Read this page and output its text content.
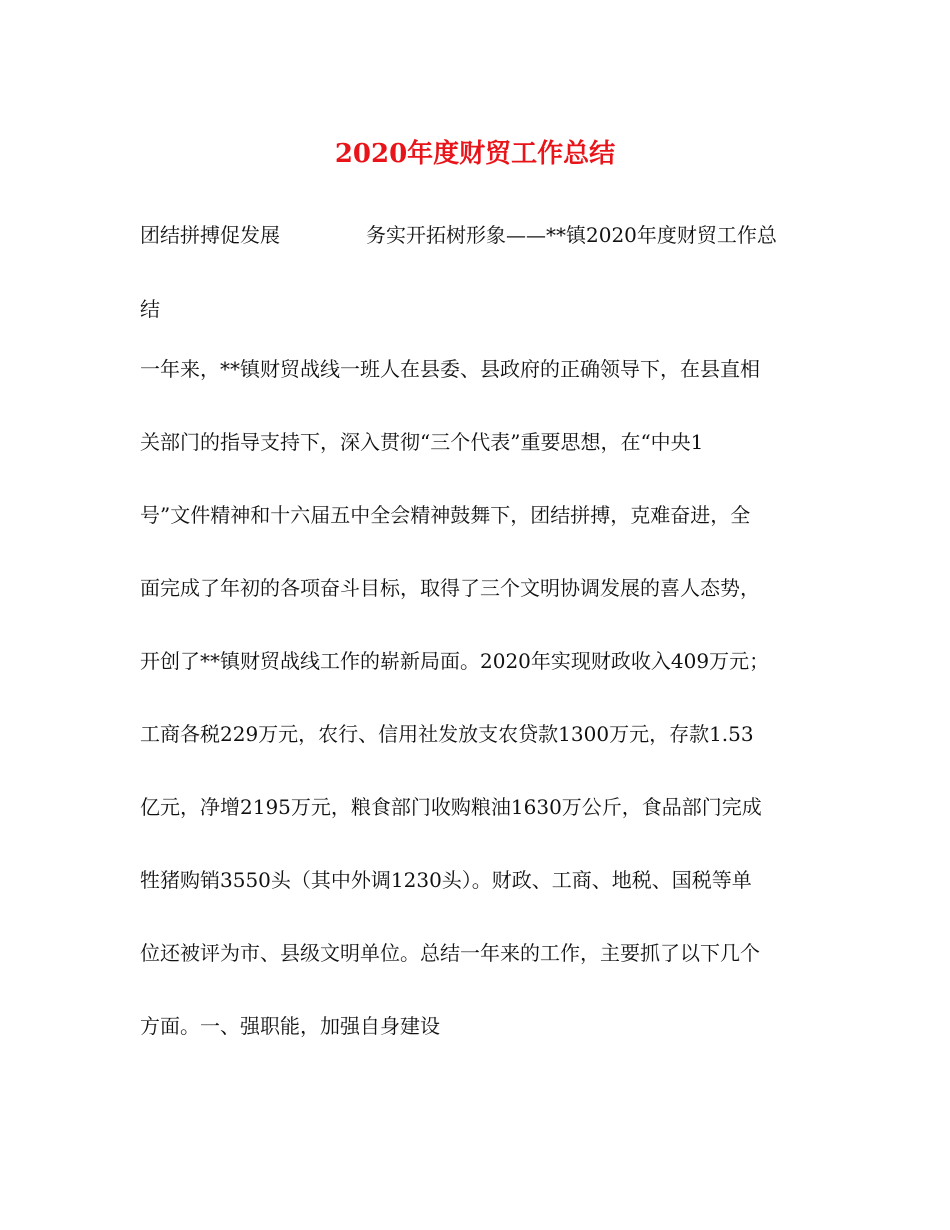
2020年度财贸工作总结
团结拼搏促发展	务实开拓树形象——**镇2020年度财贸工作总
结
一年来，**镇财贸战线一班人在县委、县政府的正确领导下，在县直相
关部门的指导支持下，深入贯彻“三个代表”重要思想，在“中央1
号”文件精神和十六届五中全会精神鼓舞下，团结拼搏，克难奋进，全
面完成了年初的各项奋斗目标，取得了三个文明协调发展的喜人态势，
开创了**镇财贸战线工作的崭新局面。2020年实现财政收入409万元；
工商各税229万元，农行、信用社发放支农贷款1300万元，存款1.53
亿元，净增2195万元，粮食部门收购粮油1630万公斤，食品部门完成
牲猪购销3550头（其中外调1230头）。财政、工商、地税、国税等单
位还被评为市、县级文明单位。总结一年来的工作，主要抓了以下几个
方面。一、强职能，加强自身建设
